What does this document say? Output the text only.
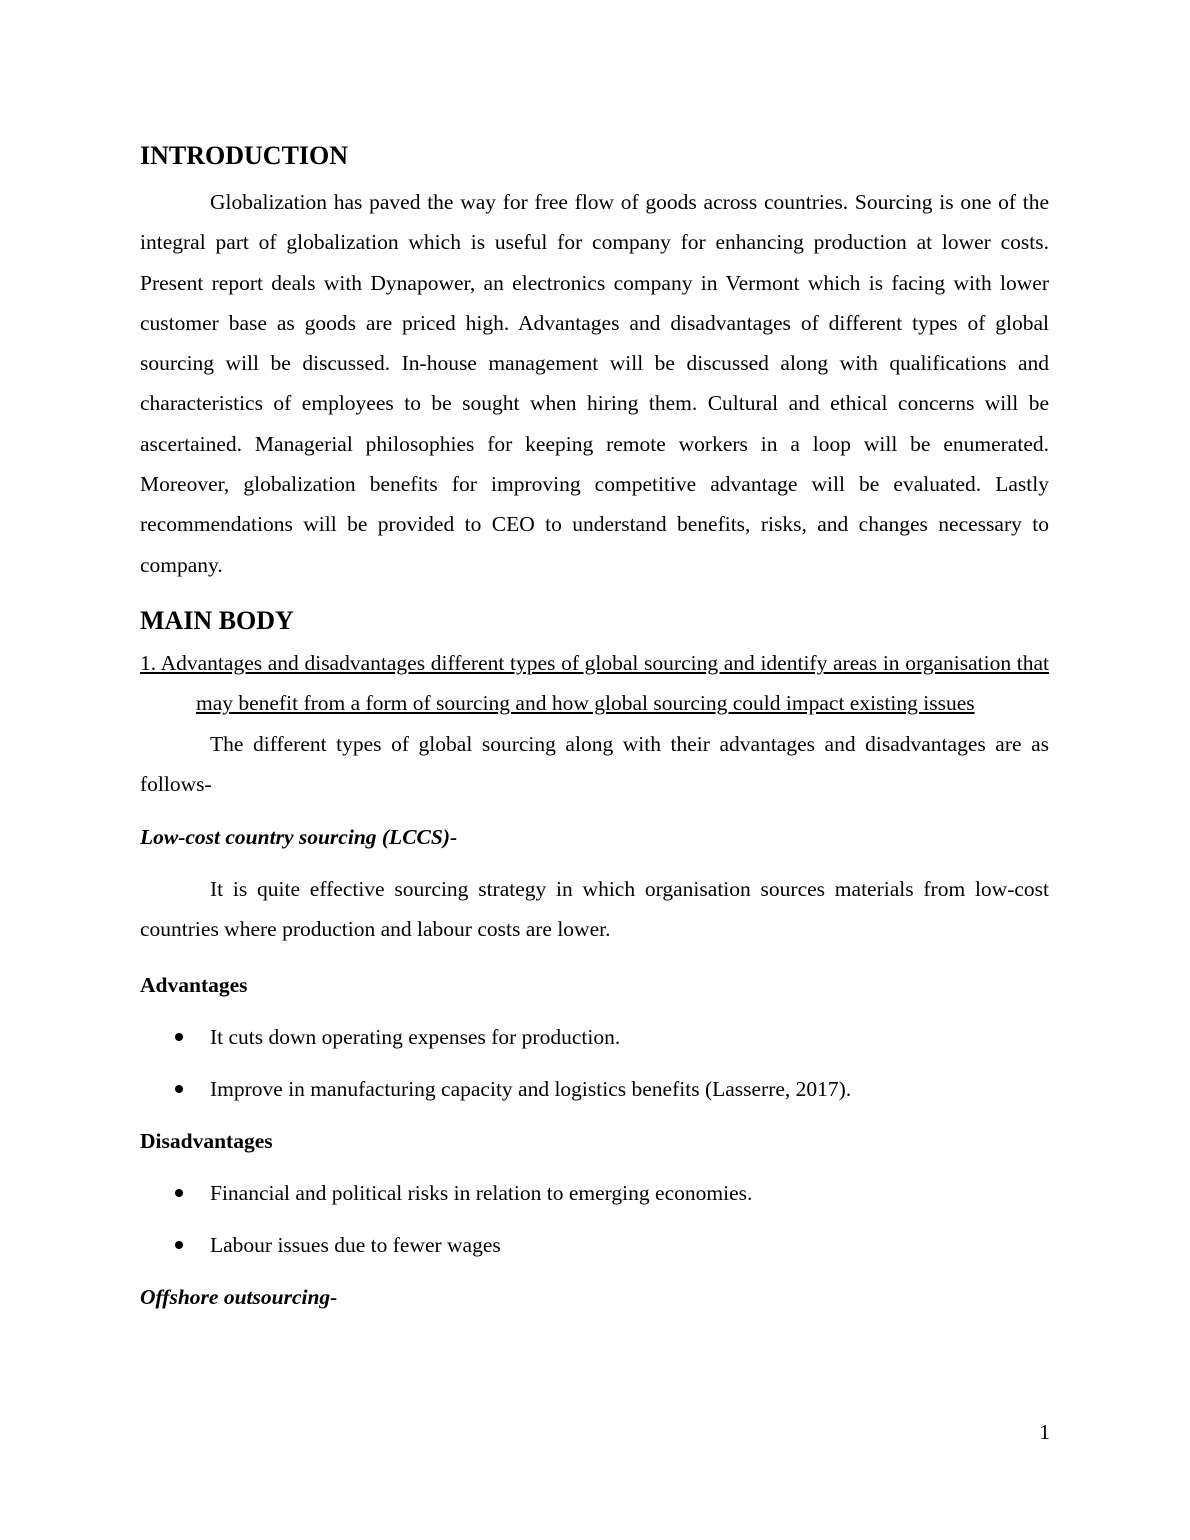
INTRODUCTION

Globalization has paved the way for free flow of goods across countries. Sourcing is one of the integral part of globalization which is useful for company for enhancing production at lower costs. Present report deals with Dynapower, an electronics company in Vermont which is facing with lower customer base as goods are priced high. Advantages and disadvantages of different types of global sourcing will be discussed. In-house management will be discussed along with qualifications and characteristics of employees to be sought when hiring them. Cultural and ethical concerns will be ascertained. Managerial philosophies for keeping remote workers in a loop will be enumerated. Moreover, globalization benefits for improving competitive advantage will be evaluated. Lastly recommendations will be provided to CEO to understand benefits, risks, and changes necessary to company.

MAIN BODY

1. Advantages and disadvantages different types of global sourcing and identify areas in organisation that may benefit from a form of sourcing and how global sourcing could impact existing issues

The different types of global sourcing along with their advantages and disadvantages are as follows-

Low-cost country sourcing (LCCS)-

It is quite effective sourcing strategy in which organisation sources materials from low-cost countries where production and labour costs are lower.

Advantages

It cuts down operating expenses for production.
Improve in manufacturing capacity and logistics benefits (Lasserre, 2017).

Disadvantages

Financial and political risks in relation to emerging economies.
Labour issues due to fewer wages

Offshore outsourcing-

1
